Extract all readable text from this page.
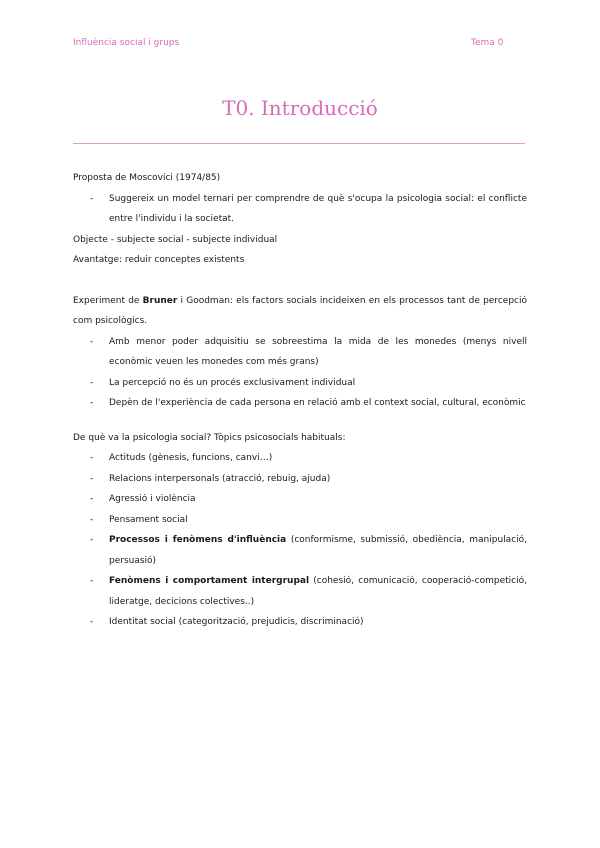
Influència social i grups	Tema 0
T0. Introducció

Proposta de Moscovici (1974/85)

- Suggereix un model ternari per comprendre de què s'ocupa la psicologia social: el conflicte entre l'individu i la societat.

Objecte - subjecte social - subjecte individual

Avantatge: reduir conceptes existents

Experiment de Bruner i Goodman: els factors socials incideixen en els processos tant de percepció com psicològics.

- Amb menor poder adquisitiu se sobreestima la mida de les monedes (menys nivell econòmic veuen les monedes com més grans)
- La percepció no és un procés exclusivament individual
- Depèn de l'experiència de cada persona en relació amb el context social, cultural, econòmic

De què va la psicologia social? Tòpics psicosocials habituals:

- Actituds (gènesis, funcions, canvi…)
- Relacions interpersonals (atracció, rebuig, ajuda)
- Agressió i violència
- Pensament social
- Processos i fenòmens d'influència (conformisme, submissió, obediència, manipulació, persuasió)
- Fenòmens i comportament intergrupal (cohesió, comunicació, cooperació-competició, lideratge, decicions colectives..)
- Identitat social (categorització, prejudicis, discriminació)
